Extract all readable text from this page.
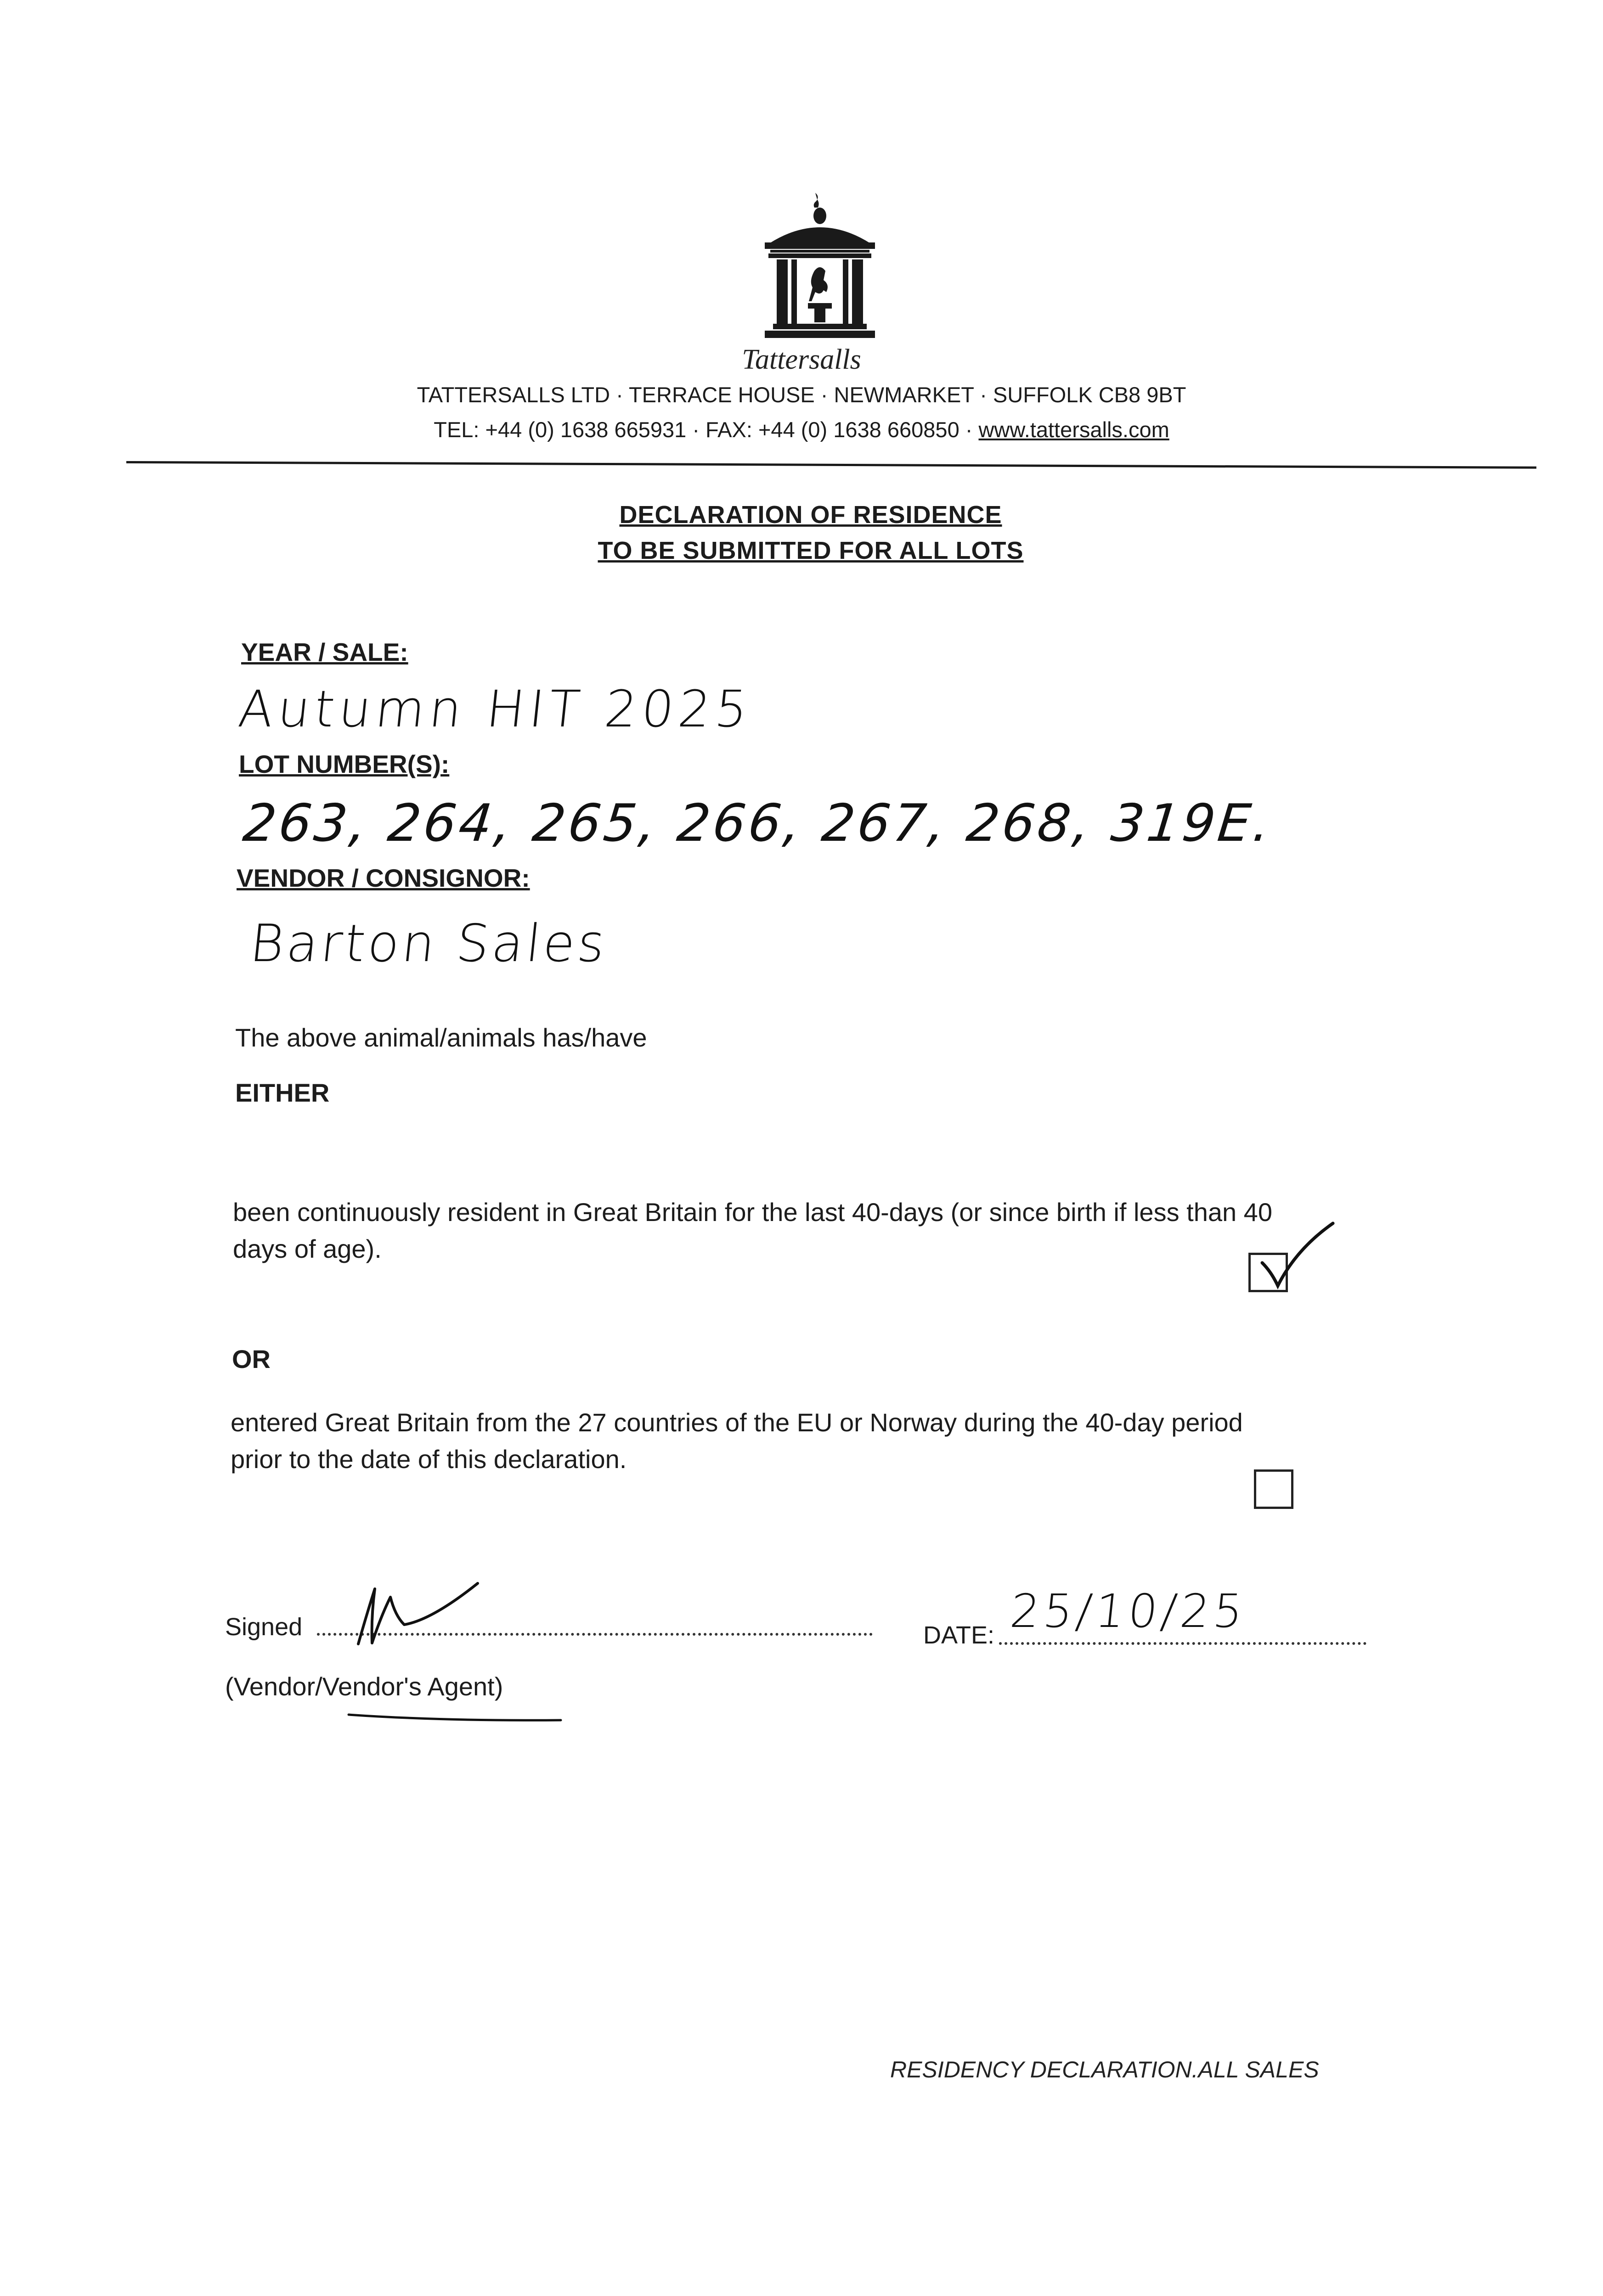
Tattersalls
TATTERSALLS LTD · TERRACE HOUSE · NEWMARKET · SUFFOLK CB8 9BT
TEL: +44 (0) 1638 665931 · FAX: +44 (0) 1638 660850 · www.tattersalls.com
DECLARATION OF RESIDENCE
TO BE SUBMITTED FOR ALL LOTS
YEAR / SALE:
Autumn HIT 2025
LOT NUMBER(S):
263, 264, 265, 266, 267, 268, 319E.
VENDOR / CONSIGNOR:
Barton Sales
The above animal/animals has/have
EITHER
been continuously resident in Great Britain for the last 40-days (or since birth if less than 40
days of age).
OR
entered Great Britain from the 27 countries of the EU or Norway during the 40-day period
prior to the date of this declaration.
Signed	DATE: 25/10/25
(Vendor/Vendor's Agent)
RESIDENCY DECLARATION.ALL SALES
